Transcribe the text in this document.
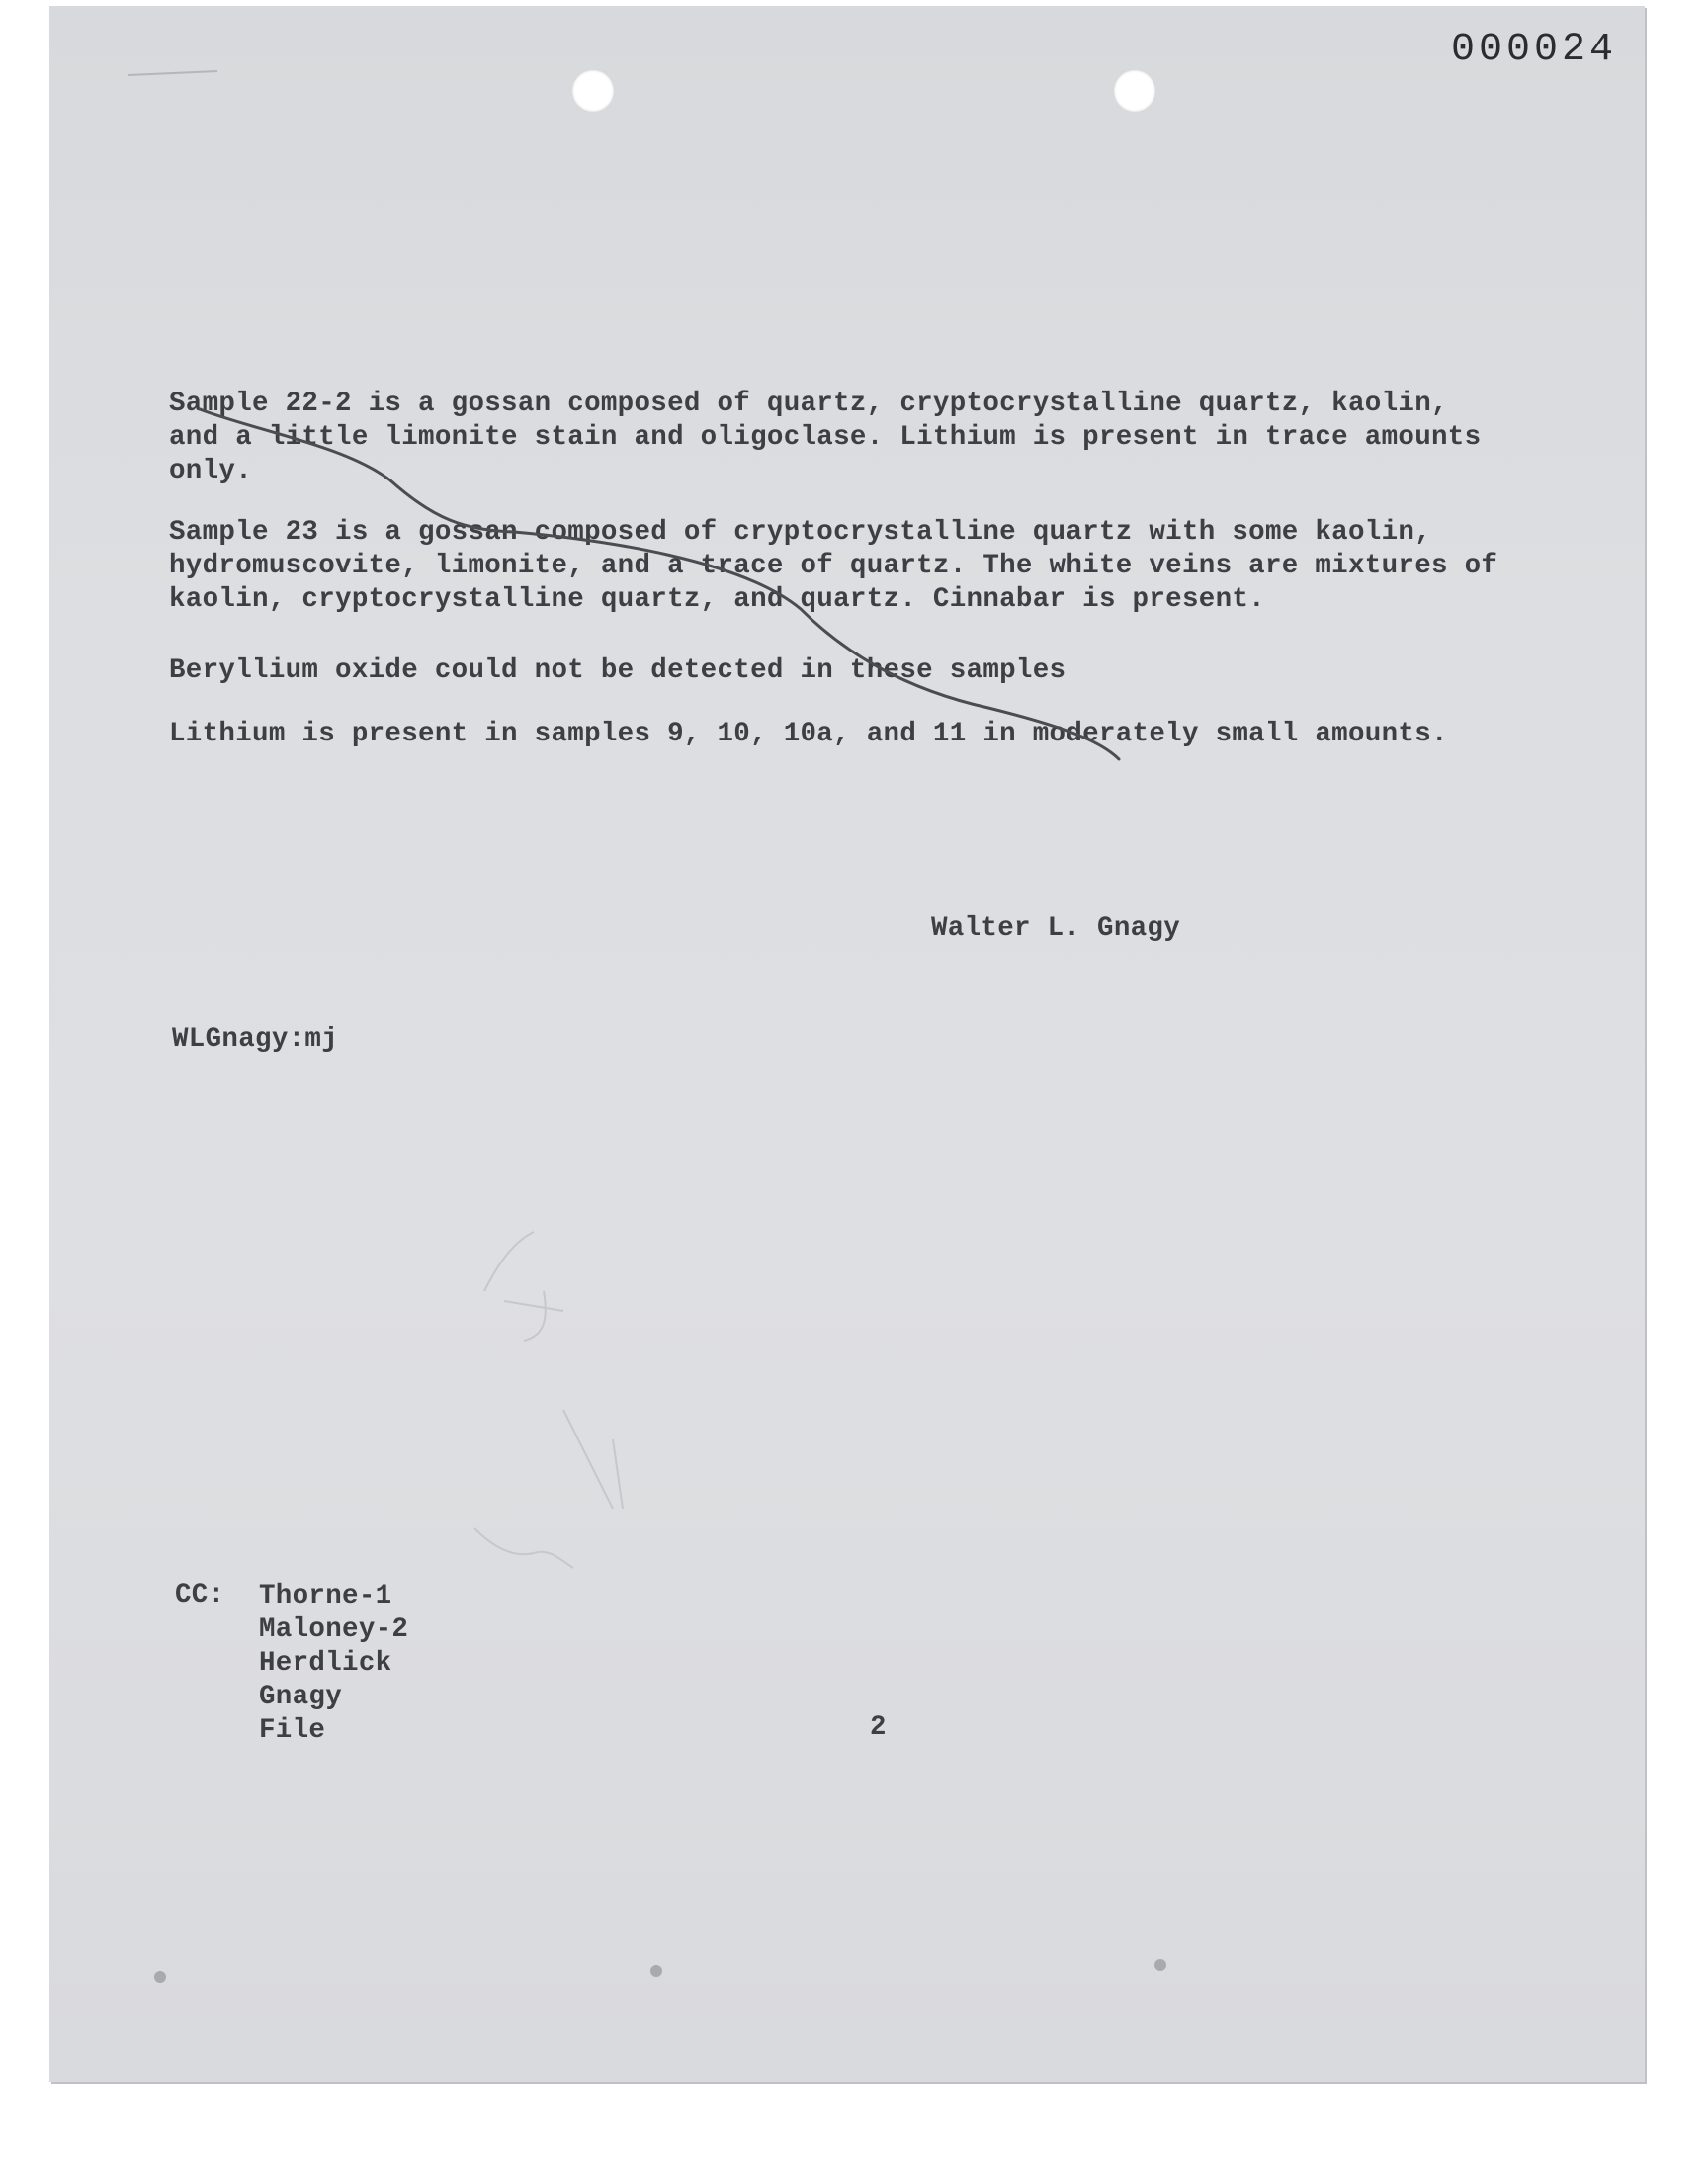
000024

Sample 22-2 is a gossan composed of quartz, cryptocrystalline quartz, kaolin,
and a little limonite stain and oligoclase. Lithium is present in trace amounts
only.

Sample 23 is a gossan composed of cryptocrystalline quartz with some kaolin,
hydromuscovite, limonite, and a trace of quartz. The white veins are mixtures of
kaolin, cryptocrystalline quartz, and quartz. Cinnabar is present.

Beryllium oxide could not be detected in these samples

Lithium is present in samples 9, 10, 10a, and 11 in moderately small amounts.

Walter L. Gnagy
WLGnagy:mj
CC: Thorne-1
Maloney-2
Herdlick
Gnagy
File	2
